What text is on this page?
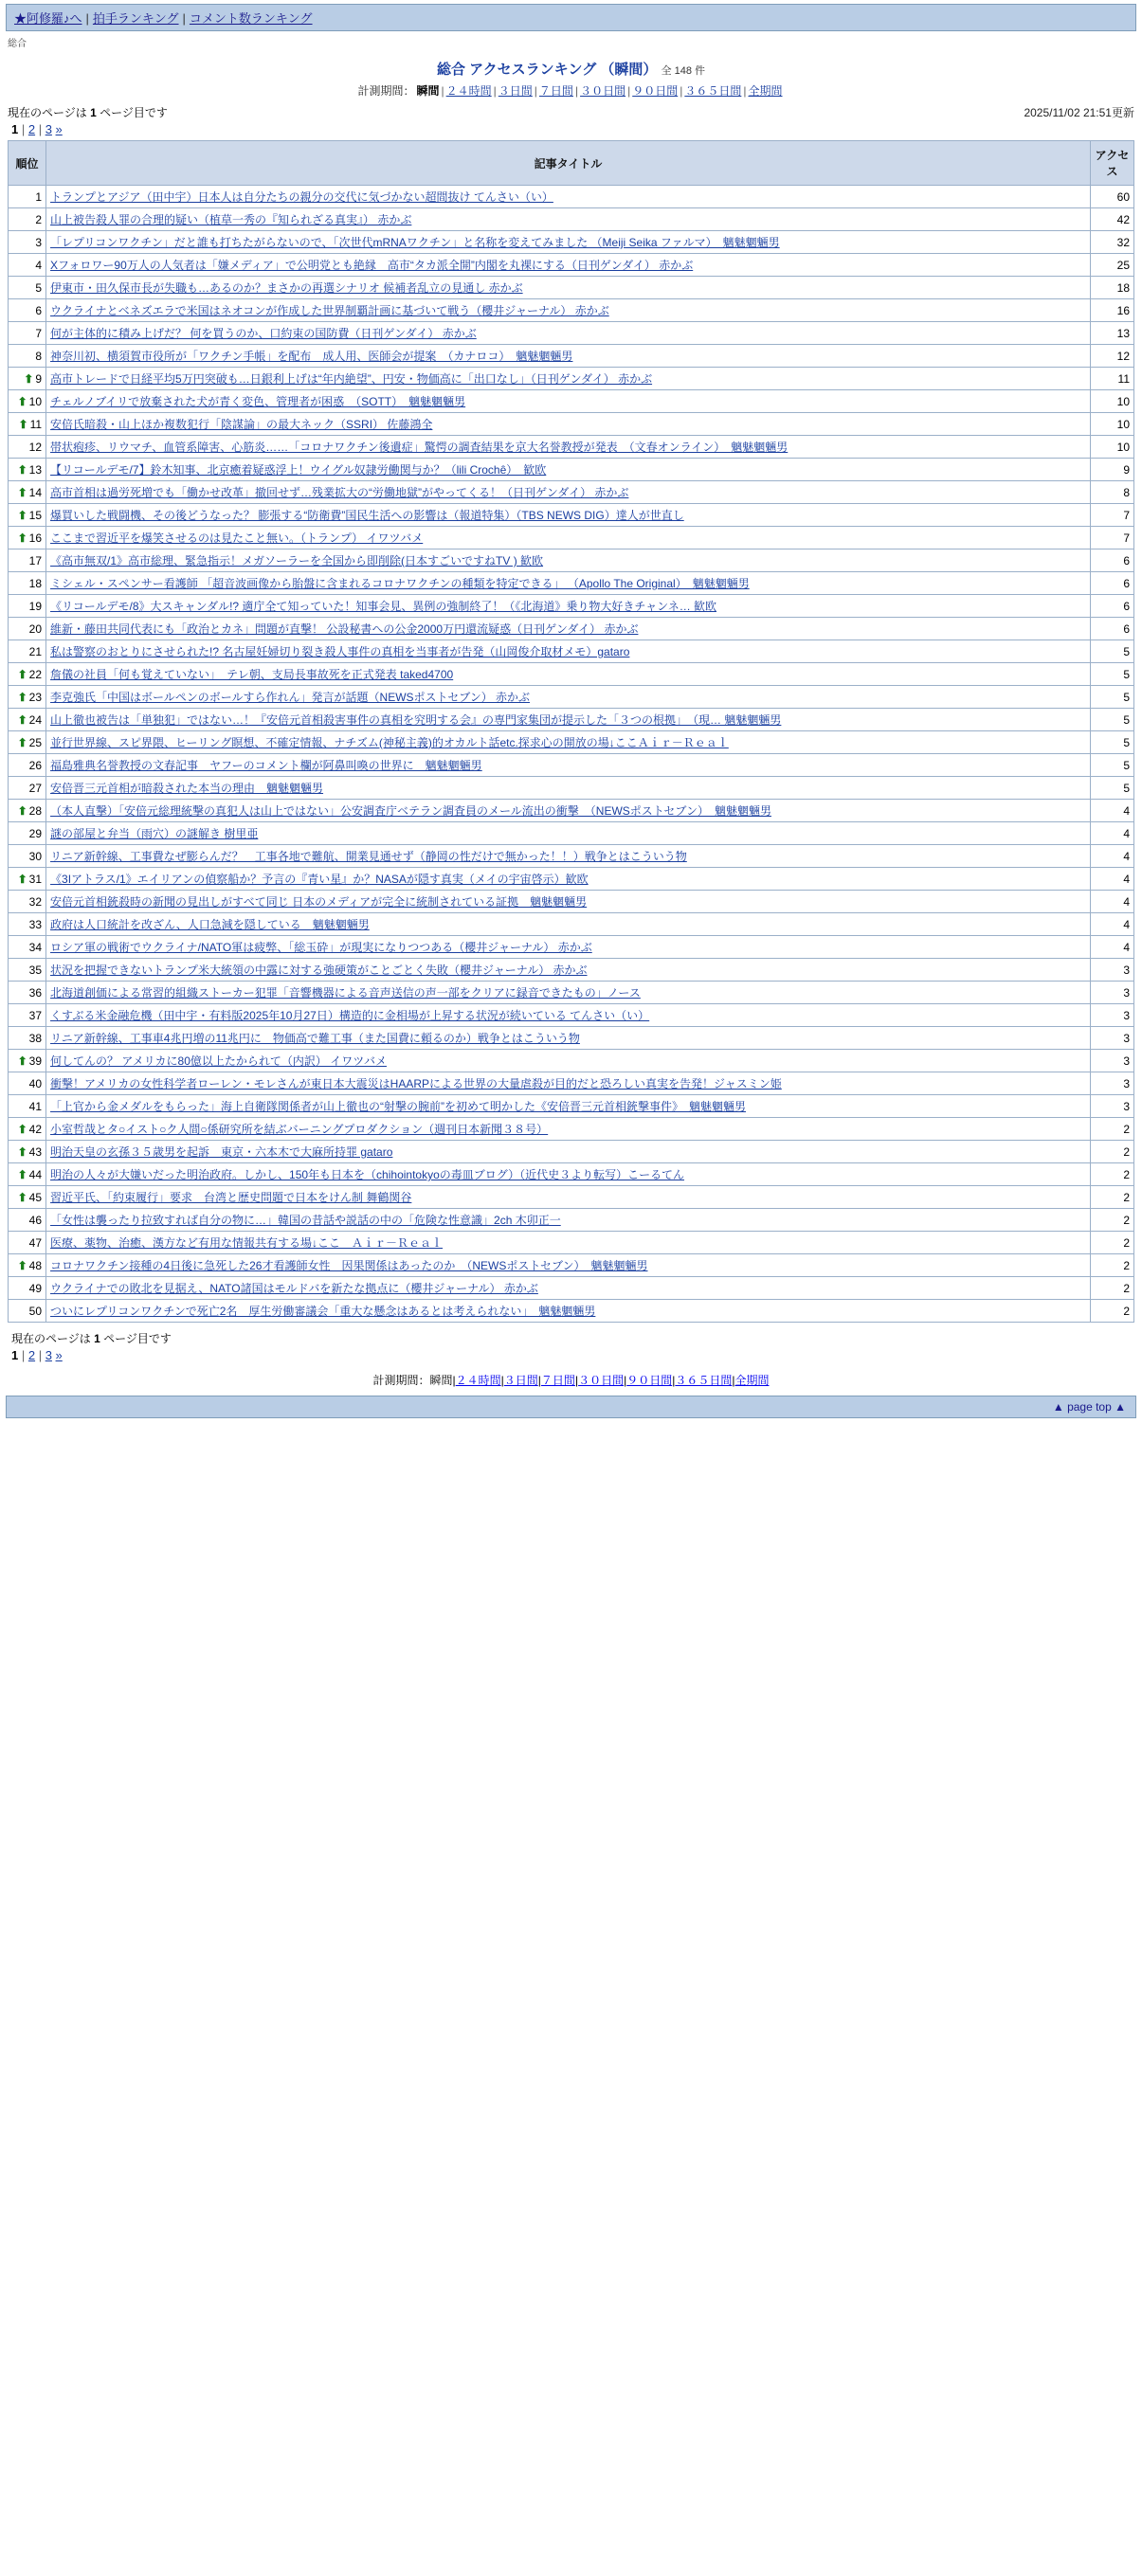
★阿修羅♪へ | 拍手ランキング | コメント数ランキング
総合
総合 アクセスランキング （瞬間） 全 148 件
計測期間： 瞬間 | ２４時間 | ３日間 | ７日間 | ３０日間 | ９０日間 | ３６５日間 | 全期間
現在のページは 1 ページ目です	2025/11/02 21:51更新
1 | 2 | 3 »
順位	記事タイトル	アクセス
1	トランプとアジア（田中宇）日本人は自分たちの親分の交代に気づかない超間抜け てんさい（い）	60
2	山上被告殺人罪の合理的疑い（植草一秀の『知られざる真実』） 赤かぶ	42
3	「レプリコンワクチン」だと誰も打ちたがらないので、「次世代mRNAワクチン」と名称を変えてみました （Meiji Seika ファルマ）　魑魅魍魎男	32
4	Xフォロワー90万人の人気者は「嫌メディア」で公明党とも絶縁　高市“タカ派全開”内閣を丸裸にする（日刊ゲンダイ） 赤かぶ	25
5	伊東市・田久保市長が失職も…あるのか？まさかの再選シナリオ 候補者乱立の見通し 赤かぶ	18
6	ウクライナとベネズエラで米国はネオコンが作成した世界制覇計画に基づいて戦う（櫻井ジャーナル） 赤かぶ	16
7	何が主体的に積み上げだ？ 何を買うのか、口約束の国防費（日刊ゲンダイ） 赤かぶ	13
8	神奈川初、横須賀市役所が「ワクチン手帳」を配布　成人用、医師会が提案　（カナロコ）　魑魅魍魎男	12
⬆ 9	高市トレードで日経平均5万円突破も…日銀利上げは“年内絶望”、円安・物価高に「出口なし」（日刊ゲンダイ） 赤かぶ	11
⬆ 10	チェルノブイリで放棄された犬が青く変色、管理者が困惑　（SOTT）　魑魅魍魎男	10
⬆ 11	安倍氏暗殺・山上ほか複数犯行「陰謀論」の最大ネック（SSRI） 佐藤鴻全	10
12	帯状疱疹、リウマチ、血管系障害、心筋炎……「コロナワクチン後遺症」驚愕の調査結果を京大名誉教授が発表　（文春オンライン）　魑魅魍魎男	10
⬆ 13	【リコールデモ/7】鈴木知事、北京癒着疑惑浮上！ウイグル奴隷労働関与か？（lili Crochê）　歓欧	9
⬆ 14	高市首相は過労死増でも「働かせ改革」撤回せず…残業拡大の“労働地獄”がやってくる！（日刊ゲンダイ） 赤かぶ	8
⬆ 15	爆買いした戦闘機、その後どうなった？ 膨張する“防衛費”国民生活への影響は（報道特集）（TBS NEWS DIG）達人が世直し	7
⬆ 16	ここまで習近平を爆笑させるのは見たこと無い。（トランプ） イワツバメ	7
17	《高市無双/1》高市総理、緊急指示！メガソーラーを全国から即削除(日本すごいですねTV ) 歓欧	6
18	ミシェル・スペンサー看護師 「超音波画像から胎盤に含まれるコロナワクチンの種類を特定できる」 （Apollo The Original）　魑魅魍魎男	6
19	《リコールデモ/8》大スキャンダル!? 適庁全て知っていた！知事会見、異例の強制終了！（《北海道》乗り物大好きチャンネ… 歓欧	6
20	維新・藤田共同代表にも「政治とカネ」問題が直撃！ 公設秘書への公金2000万円還流疑惑（日刊ゲンダイ） 赤かぶ	6
21	私は警察のおとりにさせられた!? 名古屋妊婦切り裂き殺人事件の真相を当事者が告発（山岡俊介取材メモ）gataro	5
⬆ 22	詹儀の社員「何も覚えていない」　テレ朝、支局長事故死を正式発表 taked4700	5
⬆ 23	李克強氏「中国はボールペンのボールすら作れん」発言が話題（NEWSポストセブン） 赤かぶ	5
⬆ 24	山上徹也被告は「単独犯」ではない…！『安倍元首相殺害事件の真相を究明する会』の専門家集団が提示した「３つの根拠」　（現… 魑魅魍魎男	5
⬆ 25	並行世界線、スピ界隈、ヒーリング瞑想、不確定情報、ナチズム(神秘主義)的オカルト話etc.探求心の開放の場↓ここＡｉｒ－Ｒｅａｌ	5
26	福島雅典名誉教授の文春記事　ヤフーのコメント欄が阿鼻叫喚の世界に　魑魅魍魎男	5
27	安倍晋三元首相が暗殺された本当の理由　魑魅魍魎男	5
⬆ 28	（本人直撃）「安倍元総理統撃の真犯人は山上ではない」公安調査庁ベテラン調査員のメール流出の衝撃　（NEWSポストセブン）　魑魅魍魎男	4
29	謎の部屋と弁当（雨穴）の謎解き 樹里亜	4
30	リニア新幹線、工事費なぜ膨らんだ？　工事各地で難航、開業見通せず（静岡の性だけで無かった！！）戦争とはこういう物	4
⬆ 31	《3Iアトラス/1》エイリアンの偵察船か？予言の『青い星』か？NASAが隠す真実（メイの宇宙啓示）歓欧	4
32	安倍元首相銃殺時の新聞の見出しがすべて同じ 日本のメディアが完全に統制されている証拠　魑魅魍魎男	4
33	政府は人口統計を改ざん、人口急減を隠している　魑魅魍魎男	4
34	ロシア軍の戦術でウクライナ/NATO軍は疲弊、「総玉砕」が現実になりつつある（櫻井ジャーナル） 赤かぶ	4
35	状況を把握できないトランプ米大統領の中露に対する強硬策がことごとく失敗（櫻井ジャーナル） 赤かぶ	3
36	北海道創価による常習的組織ストーカー犯罪「音響機器による音声送信の声一部をクリアに録音できたもの」ノース	3
37	くすぶる米金融危機（田中宇・有料版2025年10月27日）構造的に金相場が上昇する状況が続いている てんさい（い）	3
38	リニア新幹線、工事車4兆円増の11兆円に　物価高で難工事（また国費に頼るのか）戦争とはこういう物	3
⬆ 39	何してんの？ アメリカに80億以上たかられて（内訳） イワツバメ	3
40	衝撃！アメリカの女性科学者ローレン・モレさんが東日本大震災はHAARPによる世界の大量虐殺が目的だと恐ろしい真実を告発！ジャスミン姫	3
41	「上官から金メダルをもらった」海上自衛隊関係者が山上徹也の“射撃の腕前”を初めて明かした《安倍晋三元首相銃撃事件》　魑魅魍魎男	3
⬆ 42	小室哲哉とタ○イスト○ク人間○係研究所を結ぶバーニングプロダクション（週刊日本新聞３８号）	2
⬆ 43	明治天皇の玄孫３５歳男を起訴　東京・六本木で大麻所持罪 gataro	2
⬆ 44	明治の人々が大嫌いだった明治政府。しかし、150年も日本を（chihointokyoの毒皿ブログ）（近代史３より転写）こーるてん	2
⬆ 45	習近平氏、「約束履行」要求　台湾と歴史問題で日本をけん制 舞鶴関谷	2
46	「女性は襲ったり拉致すれば自分の物に…」韓国の昔話や説話の中の「危険な性意識」2ch 木卯正一	2
47	医療、薬物、治癒、漢方など有用な情報共有する場↓ここ　Ａｉｒ－Ｒｅａｌ	2
⬆ 48	コロナワクチン接種の4日後に急死した26才看護師女性　因果関係はあったのか　（NEWSポストセブン）　魑魅魍魎男	2
49	ウクライナでの敗北を見据え、NATO諸国はモルドバを新たな拠点に（櫻井ジャーナル） 赤かぶ	2
50	ついにレプリコンワクチンで死亡2名　厚生労働審議会「重大な懸念はあるとは考えられない」　魑魅魍魎男	2
現在のページは 1 ページ目です
1 | 2 | 3 »
計測期間：瞬間|２４時間|３日間|７日間|３０日間|９０日間|３６５日間|全期間
▲ page top ▲
